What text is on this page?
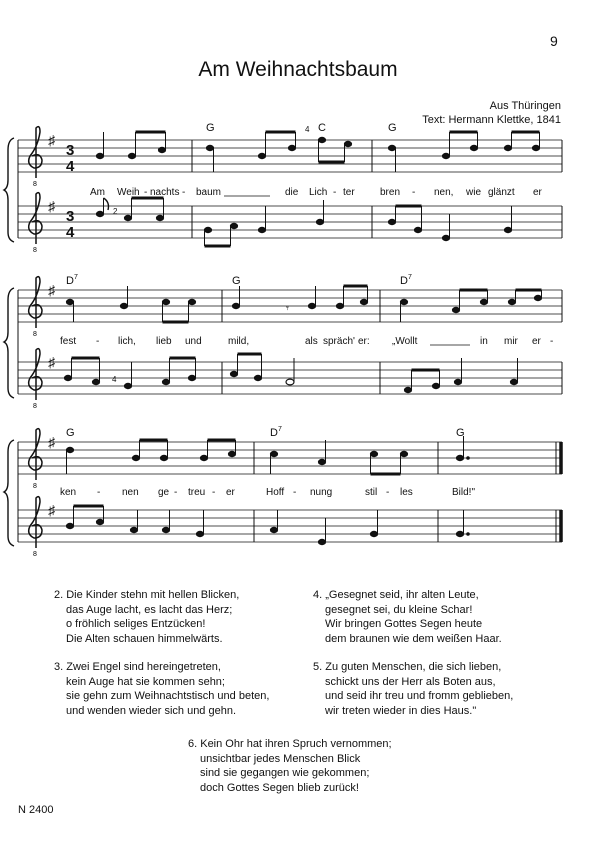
9
Am Weihnachtsbaum
Aus Thüringen
Text: Hermann Klettke, 1841
8
8
♯
♯
3
4
3
4
4
2
G	C	G
Am Weih - nachts - baum	die Lich - ter	bren - nen, wie glänzt er
8
8
♯
♯
𝄾
4
$D^7$	G	$D^7$
fest - lich, lieb und	mild,	als spräch' er: „Wollt	in mir er -
8
8
♯
♯
G	$D^7$	G
ken - nen ge - treu - er	Hoff - nung	stil - les	Bild!"
2. Die Kinder stehn mit hellen Blicken,
das Auge lacht, es lacht das Herz;
o fröhlich seliges Entzücken!
Die Alten schauen himmelwärts.
3. Zwei Engel sind hereingetreten,
kein Auge hat sie kommen sehn;
sie gehn zum Weihnachtstisch und beten,
und wenden wieder sich und gehn.
4. „Gesegnet seid, ihr alten Leute,
gesegnet sei, du kleine Schar!
Wir bringen Gottes Segen heute
dem braunen wie dem weißen Haar.
5. Zu guten Menschen, die sich lieben,
schickt uns der Herr als Boten aus,
und seid ihr treu und fromm geblieben,
wir treten wieder in dies Haus."
6. Kein Ohr hat ihren Spruch vernommen;
unsichtbar jedes Menschen Blick
sind sie gegangen wie gekommen;
doch Gottes Segen blieb zurück!
N 2400
